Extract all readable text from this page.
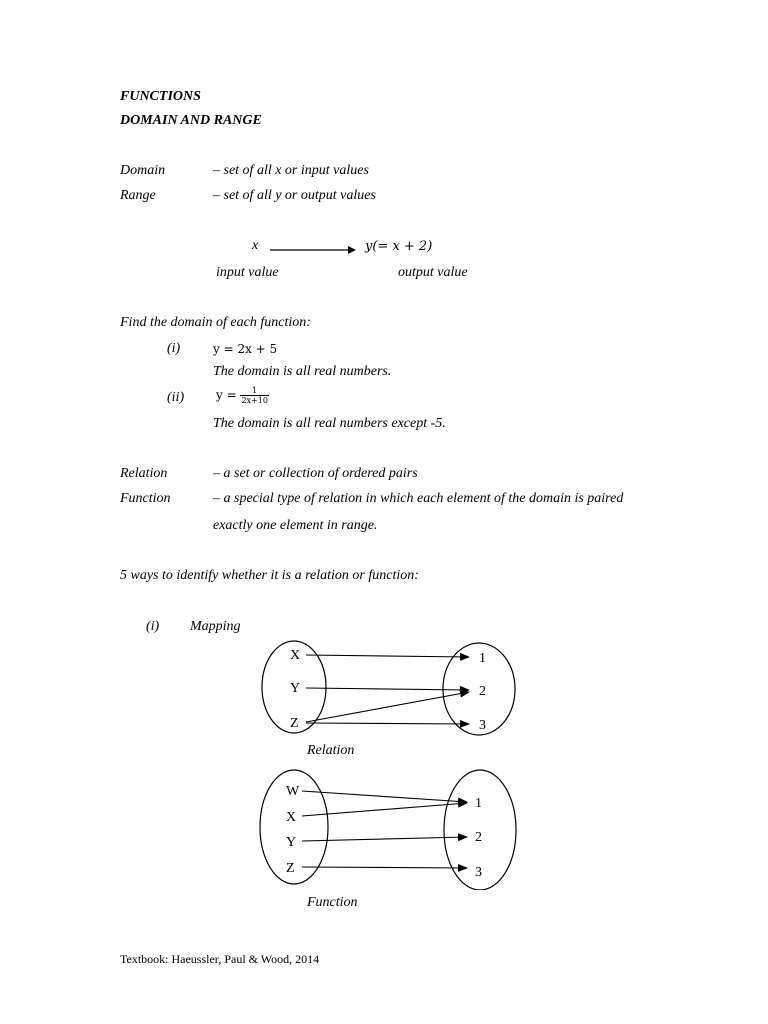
FUNCTIONS
DOMAIN AND RANGE
Domain	– set of all x or input values
Range	– set of all y or output values
x	y(= x + 2)
input value	output value
Find the domain of each function:
(i)	y = 2x + 5
The domain is all real numbers.
(ii)	$y = \frac{1}{2x+10}$
The domain is all real numbers except -5.
Relation	– a set or collection of ordered pairs
Function	– a special type of relation in which each element of the domain is paired
exactly one element in range.
5 ways to identify whether it is a relation or function:
(i) Mapping
X
Y
Z
1
2
3
Relation
W
X
Y
Z
1
2
3
Function
Textbook: Haeussler, Paul & Wood, 2014
